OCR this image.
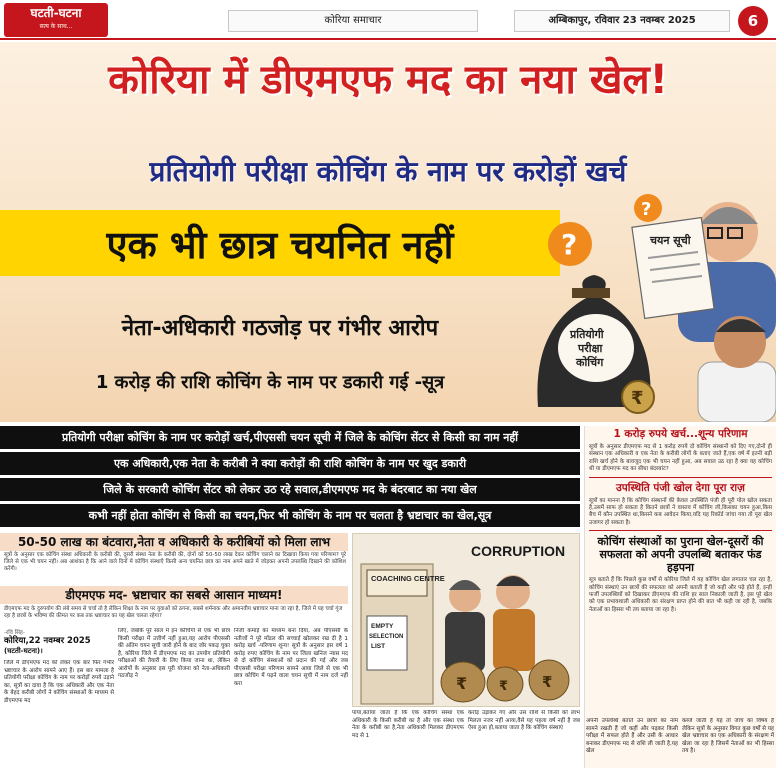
घटती-घटना
सत्य के साथ...
कोरिया समाचार	अम्बिकापुर, रविवार 23 नवम्बर 2025	6
कोरिया में डीएमएफ मद का नया खेल!
प्रतियोगी परीक्षा कोचिंग के नाम पर करोड़ों खर्च
एक भी छात्र चयनित नहीं
नेता-अधिकारी गठजोड़ पर गंभीर आरोप
1 करोड़ की राशि कोचिंग के नाम पर डकारी गई -सूत्र
चयन सूची
?
?
प्रतियोगी
परीक्षा
कोचिंग
₹
प्रतियोगी परीक्षा कोचिंग के नाम पर करोड़ों खर्च,पीएससी चयन सूची में जिले के कोचिंग सेंटर से किसी का नाम नहीं
एक अधिकारी,एक नेता के करीबी ने क्या करोड़ों की राशि कोचिंग के नाम पर खुद डकारी
जिले के सरकारी कोचिंग सेंटर को लेकर उठ रहे सवाल,डीएमएफ मद के बंदरबाट का नया खेल
कभी नहीं होता कोचिंग से किसी का चयन,फिर भी कोचिंग के नाम पर चलता है भ्रष्टाचार का खेल,सूत्र
1 करोड़ रुपये खर्च...शून्य परिणाम
सूत्रों के अनुसार डीएमएफ मद से 1 करोड़ रुपये दो कोचिंग संस्थानों को दिए गए,दोनों ही संस्थान एक अधिकारी व एक नेता के करीबी लोगों के बताए जाते हैं,एक वर्ष में इतनी बड़ी राशि खर्च होने के बावजूद एक भी चयन नहीं हुआ, अब सवाल उठ रहा है क्या यह कोचिंग थी या डीएमएफ मद का सीधा बंदरबांट?
उपस्थिति पंजी खोल देगा पूरा राज़
सूत्रों का मानना है कि कोचिंग संस्थानों की केवल उपस्थिति पंजी ही पूरी पोल खोल सकता है,उसमें साफ हो सकता है कितने छात्रों ने वास्तव में कोचिंग ली,किसका चयन हुआ,किस बैच में कौन उपस्थित था,किसने कब आवेदन किया,यदि यह रिकॉर्ड जांचा गया तो पूरा खेल उजागर हो सकता है।
कोचिंग संस्थाओं का पुराना खेल-दूसरों की सफलता को अपनी उपलब्धि बताकर फंड हड़पना
सूत्र बताते हैं कि पिछले कुछ वर्षों से कोरिया जिले में यह कोचिंग खेल लगातार चल रहा है, कोचिंग संस्थाएं उन छात्रों की सफलता को अपनी बताती हैं जो कहीं और पढ़े होते हैं, इन्हीं फर्जी उपलब्धियों को दिखाकर डीएमएफ की राशि हर साल निकाली जाती है, इस पूरे खेल को एक प्रभावशाली अधिकारी का संरक्षण प्राप्त होने की बात भी कही जा रही है, जबकि नेताओं का हिस्सा भी तय बताया जा रहा है।
50-50 लाख का बंटवारा,नेता व अधिकारी के करीबियों को मिला लाभ
सूत्रों के अनुसार एक कोचिंग संस्था अधिकारी के करीबी की, दूसरी संस्था नेता के करीबी की, दोनों को 50-50 लाख देकर कोचिंग चलाने का दिखावा किया गया परिणाम? पूरे जिले से एक भी चयन नहीं। अब आशंका है कि आने वाले दिनों में कोचिंग संस्थाएँ किसी अन्य चयनित छात्र का नाम अपने खाते में जोड़कर अपनी उपलब्धि दिखाने की कोशिश करेंगी।
डीएमएफ मद- भ्रष्टाचार का सबसे आसान माध्यम!
डीएमएफ मद के दुरुपयोग की लंबे समय से चर्चा तो है लेकिन शिक्षा के नाम पर युवाओं को ठगना, सबसे शर्मनाक और अमानवीय भ्रष्टाचार माना जा रहा है, जिले में यह चर्चा गूंज रहा है छात्रों के भविष्य की कीमत पर कब तक भ्रष्टाचार का यह खेल चलता रहेगा?
-रवि सिंह-
कोरिया,22 नवम्बर 2025
(घटती-घटना)।
जिले में डीएमएफ मद को लेकर एक बार फिर गंभीर भ्रष्टाचार के आरोप सामने आए हैं। इस बार मामला है प्रतियोगी परीक्षा कोचिंग के नाम पर करोड़ों रुपये उड़ाने का, सूत्रों का दावा है कि एक अधिकारी और एक नेता के बेहद करीबी लोगों ने कोचिंग संस्थाओं के माध्यम से डीएमएफ मद
लिए, जबकि पूरे साल में इन कोचिंगों से एक भी छात्र किसी परीक्षा में उत्तीर्ण नहीं हुआ,यह आरोप पीएससी की अंतिम चयन सूची जारी होने के बाद जोर पकड़ चुका है, कोरिया जिले में डीएमएफ मद का उपयोग प्रतियोगी परीक्षाओं की तैयारी के लिए किया जाना था, लेकिन आरोपों के अनुसार इस पूरी योजना को नेता-अधिकारी गठजोड़ ने
निजी कमाई का माध्यम बना दिया, अब पीएससी के नतीजों ने पूरे मॉडल की सच्चाई खोलकर रख दी है 1 करोड़ खर्च -परिणाम शून्य! सूत्रों के अनुसार इस वर्ष 1 करोड़ रुपए कोचिंग के नाम पर जिला खनिज न्यास मद से दो कोचिंग संस्थाओं को प्रदान की गई और जब पीएससी परीक्षा परिणाम सामने आया जिले से एक भी छात्र कोचिंग में पढ़ने वाला चयन सूची में नाम दर्ज नहीं करा
पाया,बताया जाता है कि एक कोचिंग संस्था एक अधिकारी के किसी करीबी का है और एक संस्था एक नेता के करीबी का है,नेता अधिकारी मिलकर डीएमएफ मद से 1
करोड़ उड़ाकर गए और उस राशि से किसी को लाभ मिलता नजर नहीं आया,वैसे यह पहला वर्ष नहीं है जब ऐसा हुआ हो,बताया जाता है कि कोचिंग संस्थाएं
अपनी उपलब्धि बताते उन छात्रों का नाम सामने रखती हैं जो कहीं और पढ़कर किसी परीक्षा में सफल होते हैं और उसी के आधार बनाकर डीएमएफ मद से राशि ली जाती है,यह खेल
कब्जे जाती है यह तो जांच का विषय है लेकिन सूत्रों के अनुसार विगत कुछ वर्षों से यह खेल भ्रष्टाचार का एक अधिकारी के संरक्षण में खेला जा रहा है जिसमें नेताओं का भी हिस्सा तय है।
CORRUPTION
COACHING CENTRE
EMPTY
SELECTION
LIST
₹ ₹ ₹
